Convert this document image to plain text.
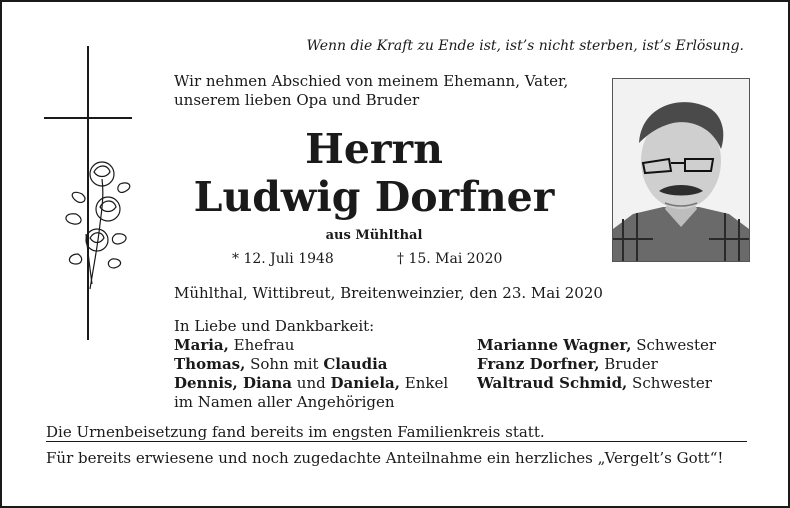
Wenn die Kraft zu Ende ist, ist’s nicht sterben, ist’s Erlösung.
Wir nehmen Abschied von meinem Ehemann, Vater,
unserem lieben Opa und Bruder
Herrn
Ludwig Dorfner
aus Mühlthal
* 12. Juli 1948	† 15. Mai 2020
Mühlthal, Wittibreut, Breitenweinzier, den 23. Mai 2020
In Liebe und Dankbarkeit:
Maria, Ehefrau
Thomas, Sohn mit Claudia
Dennis, Diana und Daniela, Enkel
im Namen aller Angehörigen
Marianne Wagner, Schwester
Franz Dorfner, Bruder
Waltraud Schmid, Schwester
Die Urnenbeisetzung fand bereits im engsten Familienkreis statt.
Für bereits erwiesene und noch zugedachte Anteilnahme ein herzliches „Vergelt’s Gott“!
